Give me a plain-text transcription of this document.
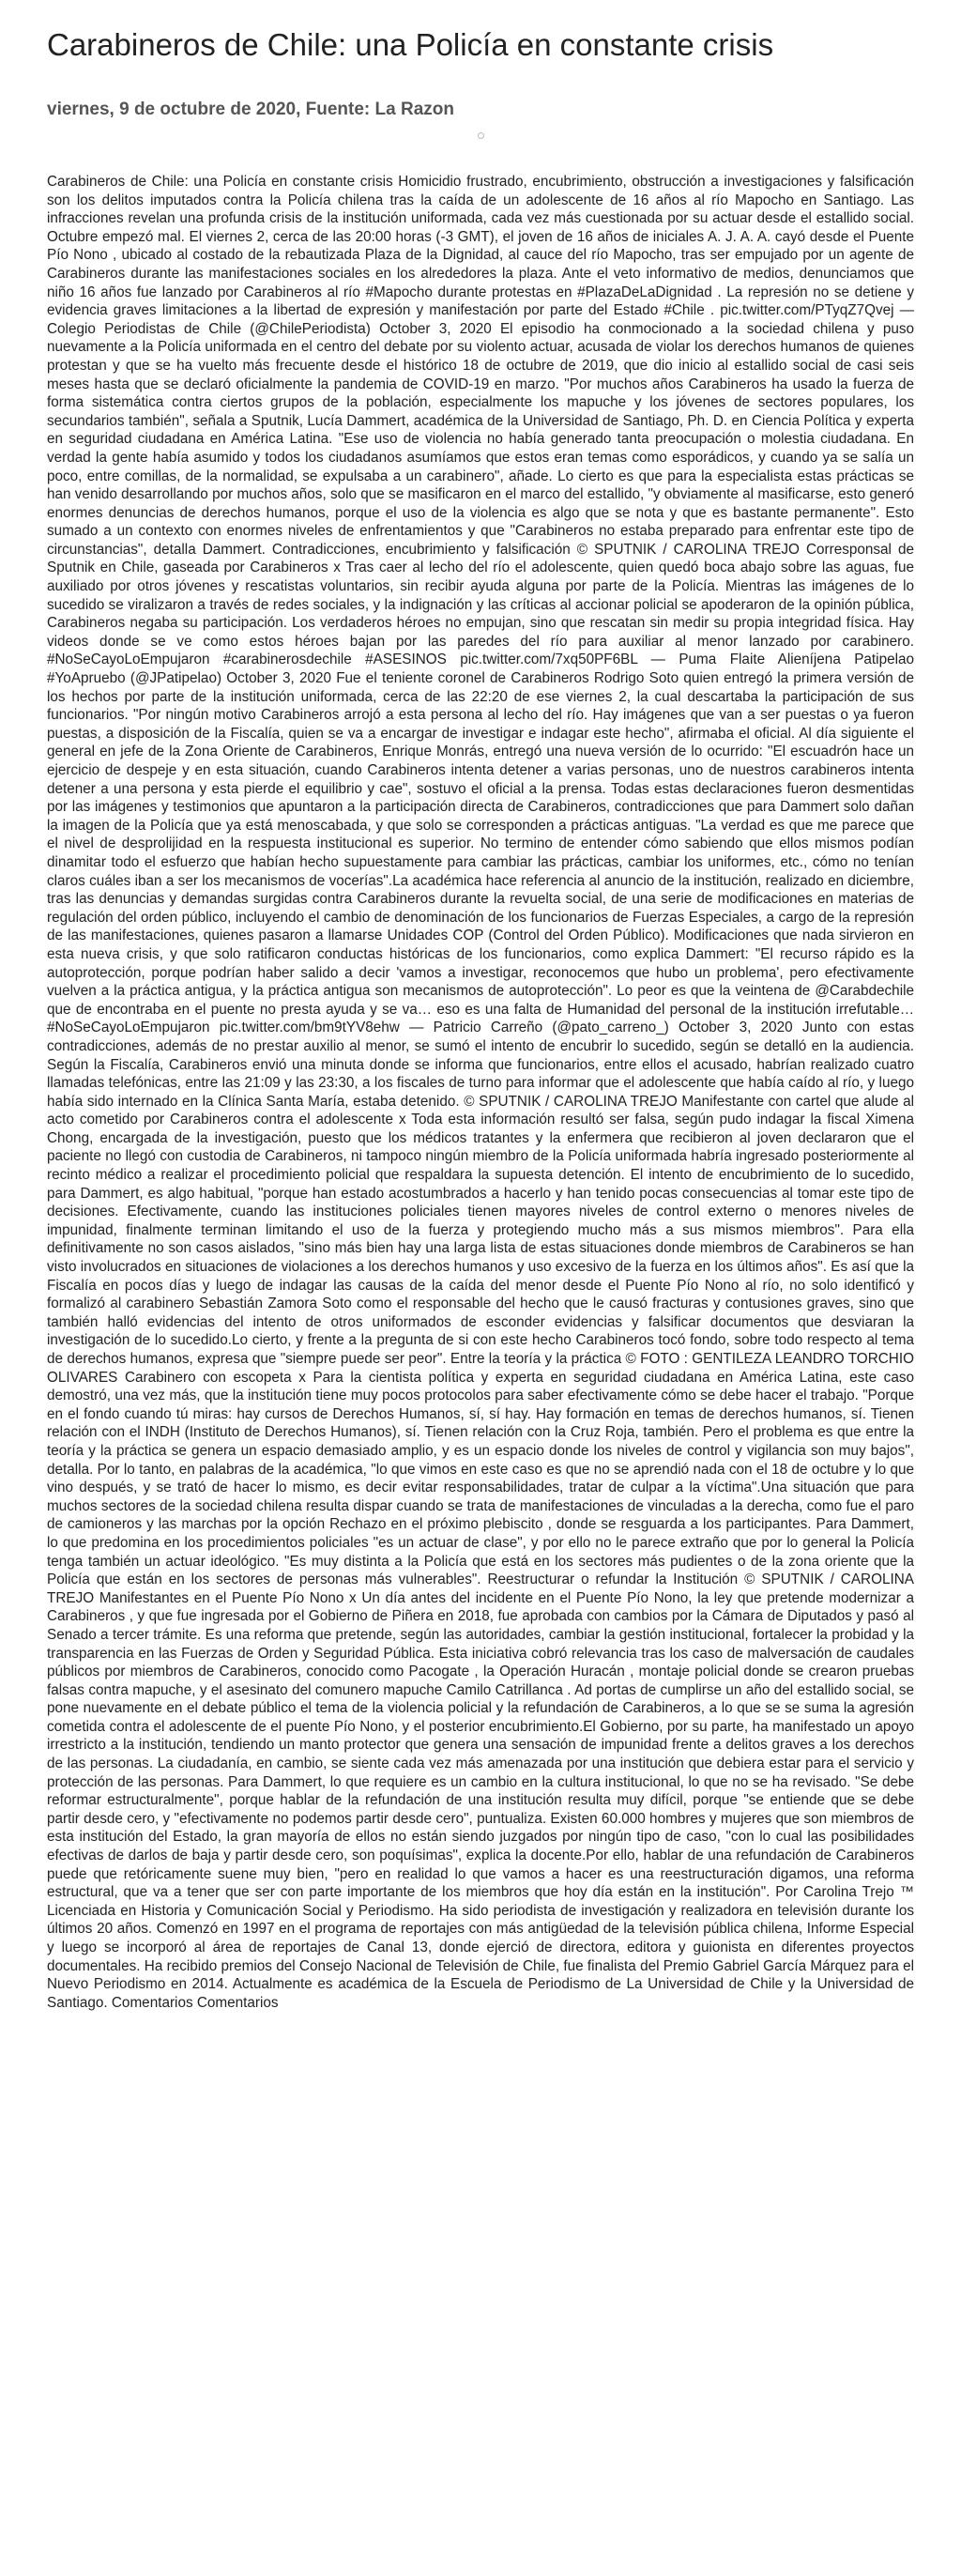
Carabineros de Chile: una Policía en constante crisis
viernes, 9 de octubre de 2020, Fuente: La Razon

Carabineros de Chile: una Policía en constante crisis Homicidio frustrado, encubrimiento, obstrucción a investigaciones y falsificación son los delitos imputados contra la Policía chilena tras la caída de un adolescente de 16 años al río Mapocho en Santiago. Las infracciones revelan una profunda crisis de la institución uniformada, cada vez más cuestionada por su actuar desde el estallido social. Octubre empezó mal. El viernes 2, cerca de las 20:00 horas (-3 GMT), el joven de 16 años de iniciales A. J. A. A. cayó desde el Puente Pío Nono , ubicado al costado de la rebautizada Plaza de la Dignidad, al cauce del río Mapocho, tras ser empujado por un agente de Carabineros durante las manifestaciones sociales en los alrededores la plaza. Ante el veto informativo de medios, denunciamos que niño 16 años fue lanzado por Carabineros al río #Mapocho durante protestas en #PlazaDeLaDignidad . La represión no se detiene y evidencia graves limitaciones a la libertad de expresión y manifestación por parte del Estado #Chile . pic.twitter.com/PTyqZ7Qvej — Colegio Periodistas de Chile (@ChilePeriodista) October 3, 2020 El episodio ha conmocionado a la sociedad chilena y puso nuevamente a la Policía uniformada en el centro del debate por su violento actuar, acusada de violar los derechos humanos de quienes protestan y que se ha vuelto más frecuente desde el histórico 18 de octubre de 2019, que dio inicio al estallido social de casi seis meses hasta que se declaró oficialmente la pandemia de COVID-19 en marzo. "Por muchos años Carabineros ha usado la fuerza de forma sistemática contra ciertos grupos de la población, especialmente los mapuche y los jóvenes de sectores populares, los secundarios también", señala a Sputnik, Lucía Dammert, académica de la Universidad de Santiago, Ph. D. en Ciencia Política y experta en seguridad ciudadana en América Latina. "Ese uso de violencia no había generado tanta preocupación o molestia ciudadana. En verdad la gente había asumido y todos los ciudadanos asumíamos que estos eran temas como esporádicos, y cuando ya se salía un poco, entre comillas, de la normalidad, se expulsaba a un carabinero", añade. Lo cierto es que para la especialista estas prácticas se han venido desarrollando por muchos años, solo que se masificaron en el marco del estallido, "y obviamente al masificarse, esto generó enormes denuncias de derechos humanos, porque el uso de la violencia es algo que se nota y que es bastante permanente". Esto sumado a un contexto con enormes niveles de enfrentamientos y que "Carabineros no estaba preparado para enfrentar este tipo de circunstancias", detalla Dammert. Contradicciones, encubrimiento y falsificación © SPUTNIK / CAROLINA TREJO Corresponsal de Sputnik en Chile, gaseada por Carabineros x Tras caer al lecho del río el adolescente, quien quedó boca abajo sobre las aguas, fue auxiliado por otros jóvenes y rescatistas voluntarios, sin recibir ayuda alguna por parte de la Policía. Mientras las imágenes de lo sucedido se viralizaron a través de redes sociales, y la indignación y las críticas al accionar policial se apoderaron de la opinión pública, Carabineros negaba su participación. Los verdaderos héroes no empujan, sino que rescatan sin medir su propia integridad física. Hay videos donde se ve como estos héroes bajan por las paredes del río para auxiliar al menor lanzado por carabinero. #NoSeCayoLoEmpujaron #carabinerosdechile #ASESINOS pic.twitter.com/7xq50PF6BL — Puma Flaite Alieníjena Patipelao #YoApruebo (@JPatipelao) October 3, 2020 Fue el teniente coronel de Carabineros Rodrigo Soto quien entregó la primera versión de los hechos por parte de la institución uniformada, cerca de las 22:20 de ese viernes 2, la cual descartaba la participación de sus funcionarios. "Por ningún motivo Carabineros arrojó a esta persona al lecho del río. Hay imágenes que van a ser puestas o ya fueron puestas, a disposición de la Fiscalía, quien se va a encargar de investigar e indagar este hecho", afirmaba el oficial. Al día siguiente el general en jefe de la Zona Oriente de Carabineros, Enrique Monrás, entregó una nueva versión de lo ocurrido: "El escuadrón hace un ejercicio de despeje y en esta situación, cuando Carabineros intenta detener a varias personas, uno de nuestros carabineros intenta detener a una persona y esta pierde el equilibrio y cae", sostuvo el oficial a la prensa. Todas estas declaraciones fueron desmentidas por las imágenes y testimonios que apuntaron a la participación directa de Carabineros, contradicciones que para Dammert solo dañan la imagen de la Policía que ya está menoscabada, y que solo se corresponden a prácticas antiguas. "La verdad es que me parece que el nivel de desprolijidad en la respuesta institucional es superior. No termino de entender cómo sabiendo que ellos mismos podían dinamitar todo el esfuerzo que habían hecho supuestamente para cambiar las prácticas, cambiar los uniformes, etc., cómo no tenían claros cuáles iban a ser los mecanismos de vocerías".La académica hace referencia al anuncio de la institución, realizado en diciembre, tras las denuncias y demandas surgidas contra Carabineros durante la revuelta social, de una serie de modificaciones en materias de regulación del orden público, incluyendo el cambio de denominación de los funcionarios de Fuerzas Especiales, a cargo de la represión de las manifestaciones, quienes pasaron a llamarse Unidades COP (Control del Orden Público). Modificaciones que nada sirvieron en esta nueva crisis, y que solo ratificaron conductas históricas de los funcionarios, como explica Dammert: "El recurso rápido es la autoprotección, porque podrían haber salido a decir 'vamos a investigar, reconocemos que hubo un problema', pero efectivamente vuelven a la práctica antigua, y la práctica antigua son mecanismos de autoprotección". Lo peor es que la veintena de @Carabdechile que de encontraba en el puente no presta ayuda y se va… eso es una falta de Humanidad del personal de la institución irrefutable… #NoSeCayoLoEmpujaron pic.twitter.com/bm9tYV8ehw — Patricio Carreño (@pato_carreno_) October 3, 2020 Junto con estas contradicciones, además de no prestar auxilio al menor, se sumó el intento de encubrir lo sucedido, según se detalló en la audiencia. Según la Fiscalía, Carabineros envió una minuta donde se informa que funcionarios, entre ellos el acusado, habrían realizado cuatro llamadas telefónicas, entre las 21:09 y las 23:30, a los fiscales de turno para informar que el adolescente que había caído al río, y luego había sido internado en la Clínica Santa María, estaba detenido. © SPUTNIK / CAROLINA TREJO Manifestante con cartel que alude al acto cometido por Carabineros contra el adolescente x Toda esta información resultó ser falsa, según pudo indagar la fiscal Ximena Chong, encargada de la investigación, puesto que los médicos tratantes y la enfermera que recibieron al joven declararon que el paciente no llegó con custodia de Carabineros, ni tampoco ningún miembro de la Policía uniformada habría ingresado posteriormente al recinto médico a realizar el procedimiento policial que respaldara la supuesta detención. El intento de encubrimiento de lo sucedido, para Dammert, es algo habitual, "porque han estado acostumbrados a hacerlo y han tenido pocas consecuencias al tomar este tipo de decisiones. Efectivamente, cuando las instituciones policiales tienen mayores niveles de control externo o menores niveles de impunidad, finalmente terminan limitando el uso de la fuerza y protegiendo mucho más a sus mismos miembros". Para ella definitivamente no son casos aislados, "sino más bien hay una larga lista de estas situaciones donde miembros de Carabineros se han visto involucrados en situaciones de violaciones a los derechos humanos y uso excesivo de la fuerza en los últimos años". Es así que la Fiscalía en pocos días y luego de indagar las causas de la caída del menor desde el Puente Pío Nono al río, no solo identificó y formalizó al carabinero Sebastián Zamora Soto como el responsable del hecho que le causó fracturas y contusiones graves, sino que también halló evidencias del intento de otros uniformados de esconder evidencias y falsificar documentos que desviaran la investigación de lo sucedido.Lo cierto, y frente a la pregunta de si con este hecho Carabineros tocó fondo, sobre todo respecto al tema de derechos humanos, expresa que "siempre puede ser peor". Entre la teoría y la práctica © FOTO : GENTILEZA LEANDRO TORCHIO OLIVARES Carabinero con escopeta x Para la cientista política y experta en seguridad ciudadana en América Latina, este caso demostró, una vez más, que la institución tiene muy pocos protocolos para saber efectivamente cómo se debe hacer el trabajo. "Porque en el fondo cuando tú miras: hay cursos de Derechos Humanos, sí, sí hay. Hay formación en temas de derechos humanos, sí. Tienen relación con el INDH (Instituto de Derechos Humanos), sí. Tienen relación con la Cruz Roja, también. Pero el problema es que entre la teoría y la práctica se genera un espacio demasiado amplio, y es un espacio donde los niveles de control y vigilancia son muy bajos", detalla. Por lo tanto, en palabras de la académica, "lo que vimos en este caso es que no se aprendió nada con el 18 de octubre y lo que vino después, y se trató de hacer lo mismo, es decir evitar responsabilidades, tratar de culpar a la víctima".Una situación que para muchos sectores de la sociedad chilena resulta dispar cuando se trata de manifestaciones de vinculadas a la derecha, como fue el paro de camioneros y las marchas por la opción Rechazo en el próximo plebiscito , donde se resguarda a los participantes. Para Dammert, lo que predomina en los procedimientos policiales "es un actuar de clase", y por ello no le parece extraño que por lo general la Policía tenga también un actuar ideológico. "Es muy distinta a la Policía que está en los sectores más pudientes o de la zona oriente que la Policía que están en los sectores de personas más vulnerables". Reestructurar o refundar la Institución © SPUTNIK / CAROLINA TREJO Manifestantes en el Puente Pío Nono x Un día antes del incidente en el Puente Pío Nono, la ley que pretende modernizar a Carabineros , y que fue ingresada por el Gobierno de Piñera en 2018, fue aprobada con cambios por la Cámara de Diputados y pasó al Senado a tercer trámite. Es una reforma que pretende, según las autoridades, cambiar la gestión institucional, fortalecer la probidad y la transparencia en las Fuerzas de Orden y Seguridad Pública. Esta iniciativa cobró relevancia tras los caso de malversación de caudales públicos por miembros de Carabineros, conocido como Pacogate , la Operación Huracán , montaje policial donde se crearon pruebas falsas contra mapuche, y el asesinato del comunero mapuche Camilo Catrillanca . Ad portas de cumplirse un año del estallido social, se pone nuevamente en el debate público el tema de la violencia policial y la refundación de Carabineros, a lo que se se suma la agresión cometida contra el adolescente de el puente Pío Nono, y el posterior encubrimiento.El Gobierno, por su parte, ha manifestado un apoyo irrestricto a la institución, tendiendo un manto protector que genera una sensación de impunidad frente a delitos graves a los derechos de las personas. La ciudadanía, en cambio, se siente cada vez más amenazada por una institución que debiera estar para el servicio y protección de las personas. Para Dammert, lo que requiere es un cambio en la cultura institucional, lo que no se ha revisado. "Se debe reformar estructuralmente", porque hablar de la refundación de una institución resulta muy difícil, porque "se entiende que se debe partir desde cero, y "efectivamente no podemos partir desde cero", puntualiza. Existen 60.000 hombres y mujeres que son miembros de esta institución del Estado, la gran mayoría de ellos no están siendo juzgados por ningún tipo de caso, "con lo cual las posibilidades efectivas de darlos de baja y partir desde cero, son poquísimas", explica la docente.Por ello, hablar de una refundación de Carabineros puede que retóricamente suene muy bien, "pero en realidad lo que vamos a hacer es una reestructuración digamos, una reforma estructural, que va a tener que ser con parte importante de los miembros que hoy día están en la institución". Por Carolina Trejo ™ Licenciada en Historia y Comunicación Social y Periodismo. Ha sido periodista de investigación y realizadora en televisión durante los últimos 20 años. Comenzó en 1997 en el programa de reportajes con más antigüedad de la televisión pública chilena, Informe Especial y luego se incorporó al área de reportajes de Canal 13, donde ejerció de directora, editora y guionista en diferentes proyectos documentales. Ha recibido premios del Consejo Nacional de Televisión de Chile, fue finalista del Premio Gabriel García Márquez para el Nuevo Periodismo en 2014. Actualmente es académica de la Escuela de Periodismo de La Universidad de Chile y la Universidad de Santiago. Comentarios Comentarios
